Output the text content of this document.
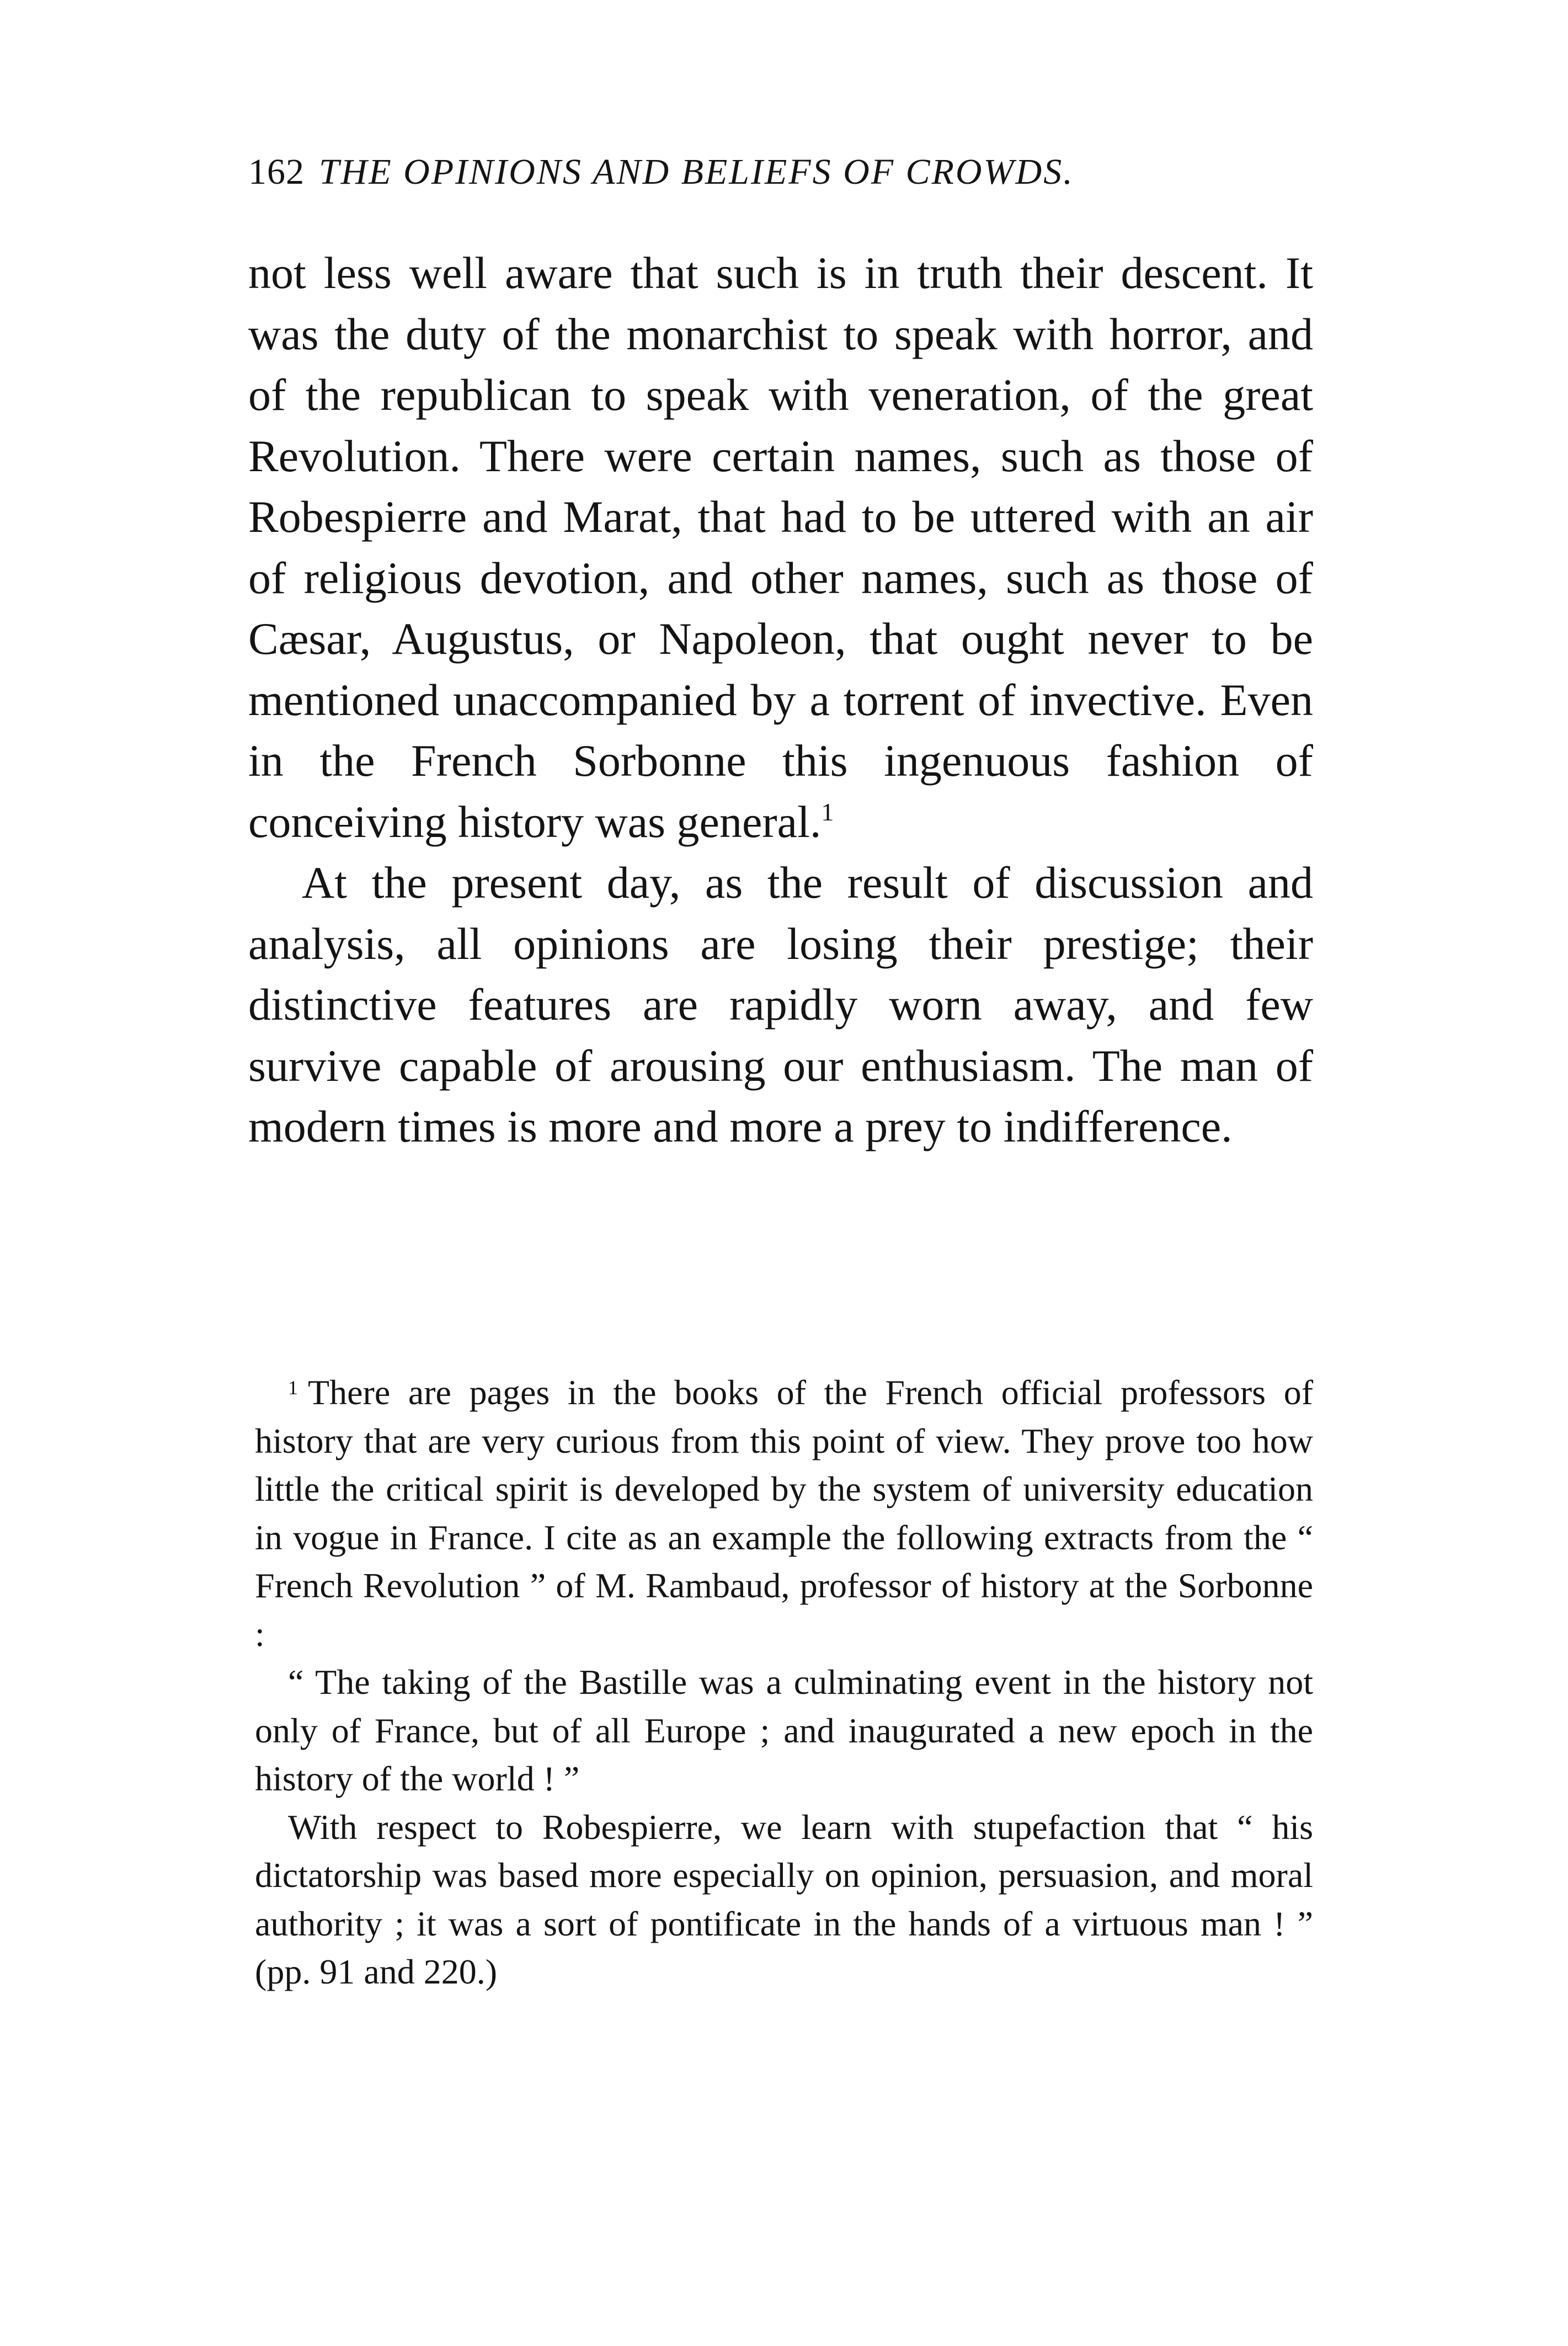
162 THE OPINIONS AND BELIEFS OF CROWDS.

not less well aware that such is in truth their descent. It was the duty of the monarchist to speak with horror, and of the republican to speak with veneration, of the great Revolution. There were certain names, such as those of Robespierre and Marat, that had to be uttered with an air of religious devotion, and other names, such as those of Cæsar, Augustus, or Napoleon, that ought never to be mentioned unaccompanied by a torrent of invective. Even in the French Sorbonne this ingenuous fashion of conceiving history was general.$^1$

At the present day, as the result of discussion and analysis, all opinions are losing their prestige; their distinctive features are rapidly worn away, and few survive capable of arousing our enthusiasm. The man of modern times is more and more a prey to indifference.

$^1$ There are pages in the books of the French official professors of history that are very curious from this point of view. They prove too how little the critical spirit is developed by the system of university education in vogue in France. I cite as an example the following extracts from the “ French Revolution ” of M. Rambaud, professor of history at the Sorbonne :

“ The taking of the Bastille was a culminating event in the history not only of France, but of all Europe ; and inaugurated a new epoch in the history of the world ! ”

With respect to Robespierre, we learn with stupefaction that “ his dictatorship was based more especially on opinion, persuasion, and moral authority ; it was a sort of pontificate in the hands of a virtuous man ! ” (pp. 91 and 220.)
